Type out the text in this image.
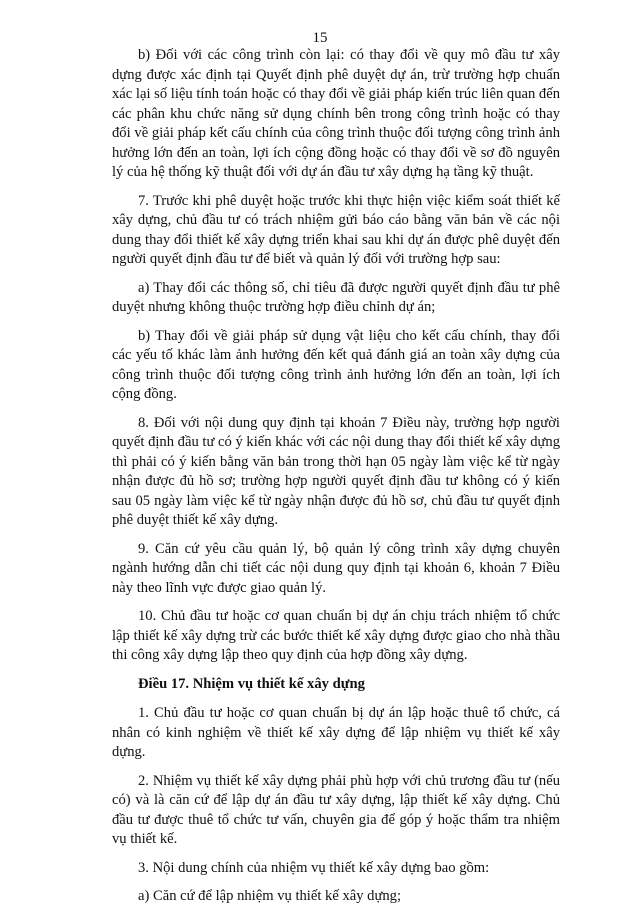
15

b) Đối với các công trình còn lại: có thay đổi về quy mô đầu tư xây dựng được xác định tại Quyết định phê duyệt dự án, trừ trường hợp chuẩn xác lại số liệu tính toán hoặc có thay đổi về giải pháp kiến trúc liên quan đến các phân khu chức năng sử dụng chính bên trong công trình hoặc có thay đổi về giải pháp kết cấu chính của công trình thuộc đối tượng công trình ảnh hưởng lớn đến an toàn, lợi ích cộng đồng hoặc có thay đổi về sơ đồ nguyên lý của hệ thống kỹ thuật đối với dự án đầu tư xây dựng hạ tầng kỹ thuật.

7. Trước khi phê duyệt hoặc trước khi thực hiện việc kiểm soát thiết kế xây dựng, chủ đầu tư có trách nhiệm gửi báo cáo bằng văn bản về các nội dung thay đổi thiết kế xây dựng triển khai sau khi dự án được phê duyệt đến người quyết định đầu tư để biết và quản lý đối với trường hợp sau:

a) Thay đổi các thông số, chỉ tiêu đã được người quyết định đầu tư phê duyệt nhưng không thuộc trường hợp điều chỉnh dự án;

b) Thay đổi về giải pháp sử dụng vật liệu cho kết cấu chính, thay đổi các yếu tố khác làm ảnh hưởng đến kết quả đánh giá an toàn xây dựng của công trình thuộc đối tượng công trình ảnh hưởng lớn đến an toàn, lợi ích cộng đồng.

8. Đối với nội dung quy định tại khoản 7 Điều này, trường hợp người quyết định đầu tư có ý kiến khác với các nội dung thay đổi thiết kế xây dựng thì phải có ý kiến bằng văn bản trong thời hạn 05 ngày làm việc kể từ ngày nhận được đủ hồ sơ; trường hợp người quyết định đầu tư không có ý kiến sau 05 ngày làm việc kể từ ngày nhận được đủ hồ sơ, chủ đầu tư quyết định phê duyệt thiết kế xây dựng.

9. Căn cứ yêu cầu quản lý, bộ quản lý công trình xây dựng chuyên ngành hướng dẫn chi tiết các nội dung quy định tại khoản 6, khoản 7 Điều này theo lĩnh vực được giao quản lý.

10. Chủ đầu tư hoặc cơ quan chuẩn bị dự án chịu trách nhiệm tổ chức lập thiết kế xây dựng trừ các bước thiết kế xây dựng được giao cho nhà thầu thi công xây dựng lập theo quy định của hợp đồng xây dựng.

Điều 17. Nhiệm vụ thiết kế xây dựng

1. Chủ đầu tư hoặc cơ quan chuẩn bị dự án lập hoặc thuê tổ chức, cá nhân có kinh nghiệm về thiết kế xây dựng để lập nhiệm vụ thiết kế xây dựng.

2. Nhiệm vụ thiết kế xây dựng phải phù hợp với chủ trương đầu tư (nếu có) và là căn cứ để lập dự án đầu tư xây dựng, lập thiết kế xây dựng. Chủ đầu tư được thuê tổ chức tư vấn, chuyên gia để góp ý hoặc thẩm tra nhiệm vụ thiết kế.

3. Nội dung chính của nhiệm vụ thiết kế xây dựng bao gồm:

a) Căn cứ để lập nhiệm vụ thiết kế xây dựng;
